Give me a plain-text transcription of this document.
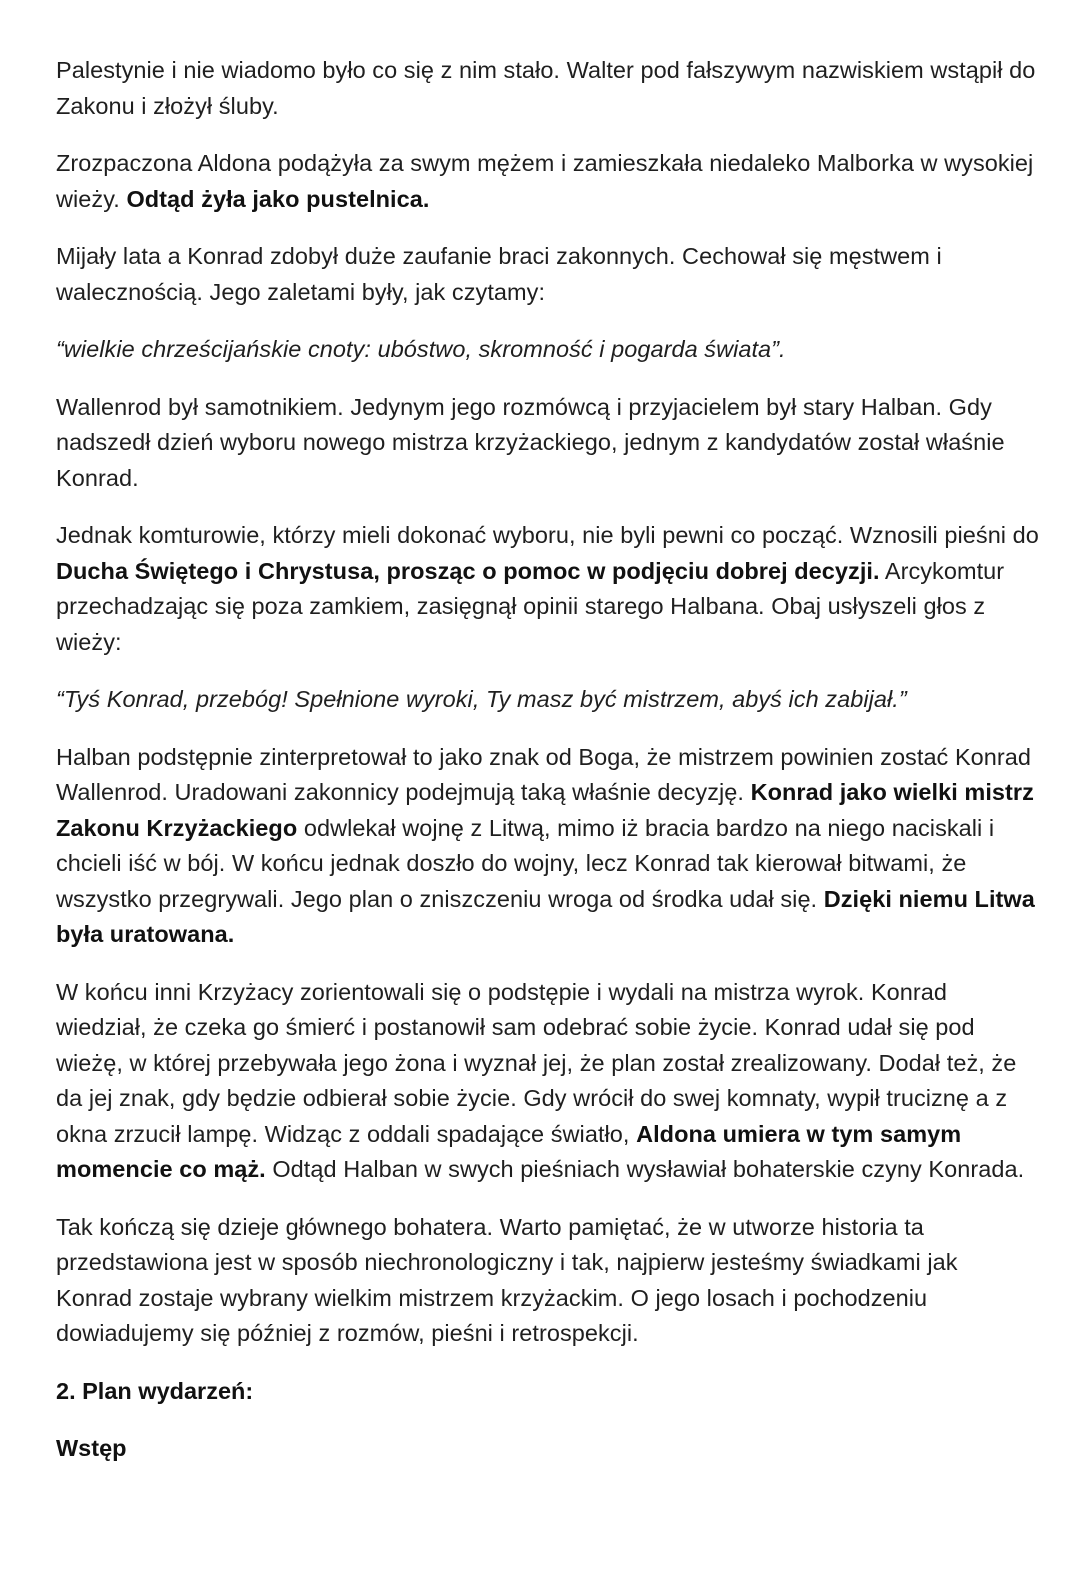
Palestynie i nie wiadomo było co się z nim stało. Walter pod fałszywym nazwiskiem wstąpił do Zakonu i złożył śluby.

Zrozpaczona Aldona podążyła za swym mężem i zamieszkała niedaleko Malborka w wysokiej wieży. Odtąd żyła jako pustelnica.

Mijały lata a Konrad zdobył duże zaufanie braci zakonnych. Cechował się męstwem i walecznością. Jego zaletami były, jak czytamy:

“wielkie chrześcijańskie cnoty: ubóstwo, skromność i pogarda świata”.

Wallenrod był samotnikiem. Jedynym jego rozmówcą i przyjacielem był stary Halban. Gdy nadszedł dzień wyboru nowego mistrza krzyżackiego, jednym z kandydatów został właśnie Konrad.

Jednak komturowie, którzy mieli dokonać wyboru, nie byli pewni co począć. Wznosili pieśni do Ducha Świętego i Chrystusa, prosząc o pomoc w podjęciu dobrej decyzji. Arcykomtur przechadzając się poza zamkiem, zasięgnął opinii starego Halbana. Obaj usłyszeli głos z wieży:

“Tyś Konrad, przebóg! Spełnione wyroki, Ty masz być mistrzem, abyś ich zabijał.”

Halban podstępnie zinterpretował to jako znak od Boga, że mistrzem powinien zostać Konrad Wallenrod. Uradowani zakonnicy podejmują taką właśnie decyzję. Konrad jako wielki mistrz Zakonu Krzyżackiego odwlekał wojnę z Litwą, mimo iż bracia bardzo na niego naciskali i chcieli iść w bój. W końcu jednak doszło do wojny, lecz Konrad tak kierował bitwami, że wszystko przegrywali. Jego plan o zniszczeniu wroga od środka udał się. Dzięki niemu Litwa była uratowana.

W końcu inni Krzyżacy zorientowali się o podstępie i wydali na mistrza wyrok. Konrad wiedział, że czeka go śmierć i postanowił sam odebrać sobie życie. Konrad udał się pod wieżę, w której przebywała jego żona i wyznał jej, że plan został zrealizowany. Dodał też, że da jej znak, gdy będzie odbierał sobie życie. Gdy wrócił do swej komnaty, wypił truciznę a z okna zrzucił lampę. Widząc z oddali spadające światło, Aldona umiera w tym samym momencie co mąż. Odtąd Halban w swych pieśniach wysławiał bohaterskie czyny Konrada.

Tak kończą się dzieje głównego bohatera. Warto pamiętać, że w utworze historia ta przedstawiona jest w sposób niechronologiczny i tak, najpierw jesteśmy świadkami jak Konrad zostaje wybrany wielkim mistrzem krzyżackim. O jego losach i pochodzeniu dowiadujemy się później z rozmów, pieśni i retrospekcji.

2. Plan wydarzeń:
Wstęp
